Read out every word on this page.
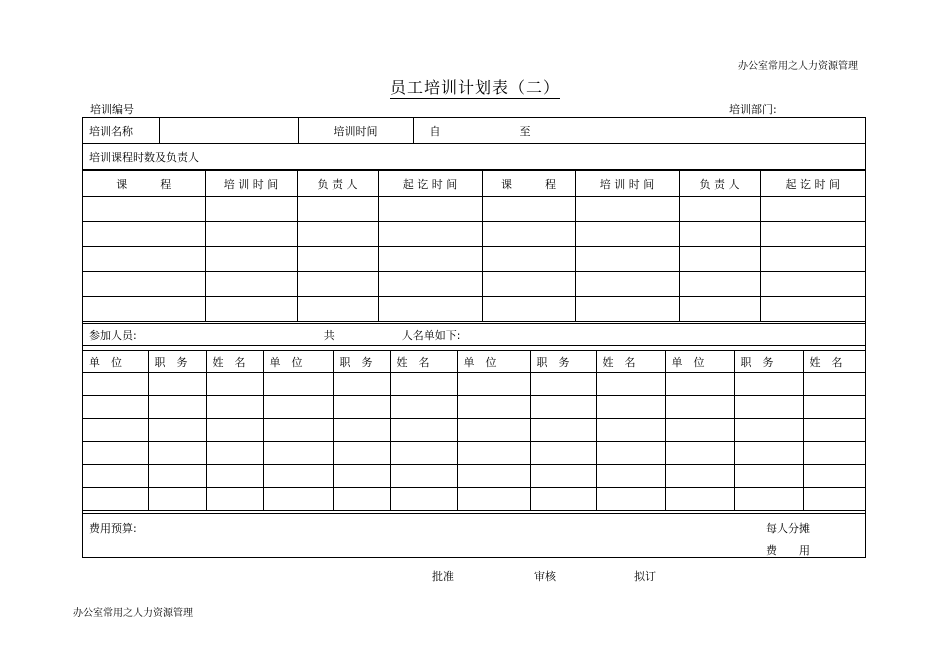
办公室常用之人力资源管理
员工培训计划表（二）
培训编号	培训部门:
培训名称		培训时间	自	至
培训课程时数及负责人
课　　　程	培 训 时 间	负 责 人	起 讫 时 间	课　　　程	培 训 时 间	负 责 人	起 讫 时 间

参加人员:	共	人名单如下:
单　位	职　务	姓　名	单　位	职　务	姓　名	单　位	职　务	姓　名	单　位	职　务	姓　名

费用预算:	每人分摊
费　　用
批准	审核	拟订
办公室常用之人力资源管理
